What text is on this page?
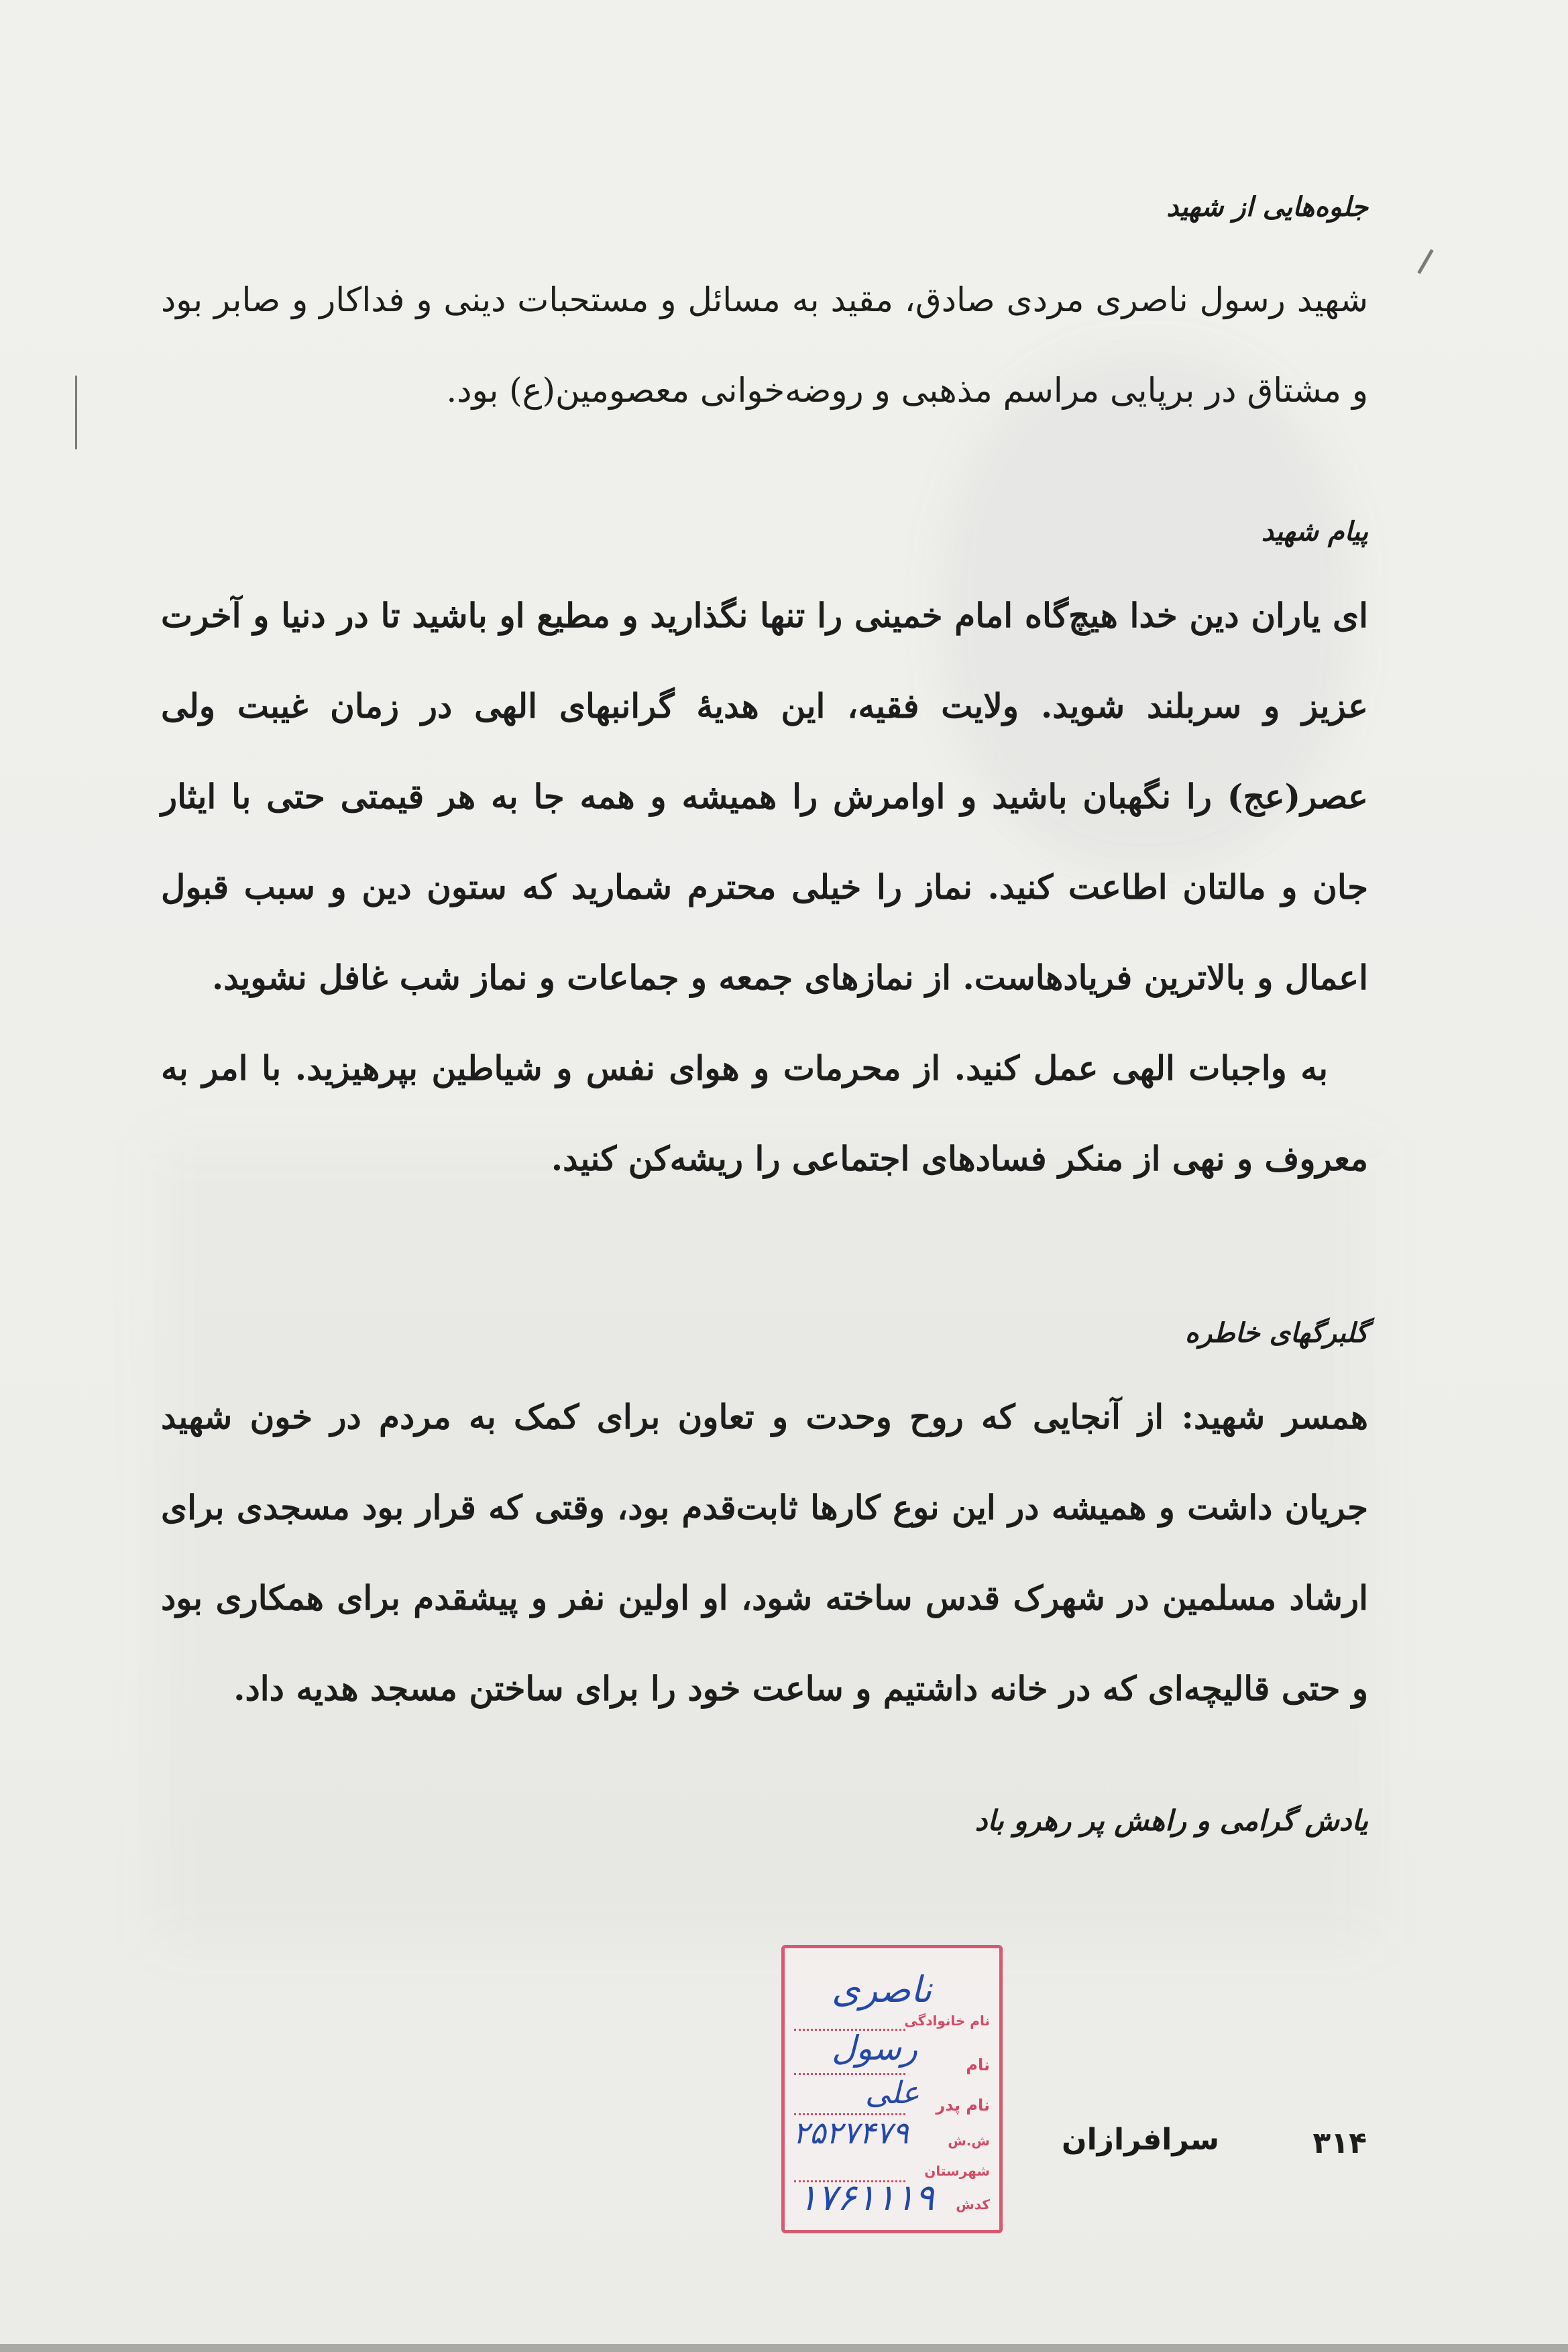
جلوه‌هایی از شهید

شهید رسول ناصری مردی صادق، مقید به مسائل و مستحبات دینی و فداکار و صابر بود و مشتاق در برپایی مراسم مذهبی و روضه‌خوانی معصومین(ع) بود.

پیام شهید

ای یاران دین خدا هیچ‌گاه امام خمینی را تنها نگذارید و مطیع او باشید تا در دنیا و آخرت عزیز و سربلند شوید. ولایت فقیه، این هدیهٔ گرانبهای الهی در زمان غیبت ولی عصر(عج) را نگهبان باشید و اوامرش را همیشه و همه جا به هر قیمتی حتی با ایثار جان و مالتان اطاعت کنید. نماز را خیلی محترم شمارید که ستون دین و سبب قبول اعمال و بالاترین فریادهاست. از نمازهای جمعه و جماعات و نماز شب غافل نشوید.

به واجبات الهی عمل کنید. از محرمات و هوای نفس و شیاطین بپرهیزید. با امر به معروف و نهی از منکر فسادهای اجتماعی را ریشه‌کن کنید.

گلبرگهای خاطره

همسر شهید: از آنجایی که روح وحدت و تعاون برای کمک به مردم در خون شهید جریان داشت و همیشه در این نوع کارها ثابت‌قدم بود، وقتی که قرار بود مسجدی برای ارشاد مسلمین در شهرک قدس ساخته شود، او اولین نفر و پیشقدم برای همکاری بود و حتی قالیچه‌ای که در خانه داشتیم و ساعت خود را برای ساختن مسجد هدیه داد.

یادش گرامی و راهش پر رهرو باد
سرافرازان	۳۱۴
نام خانوادگی
ناصری
نام
رسول
نام پدر
علی
ش.ش
۲۵۲۷۴۷۹
شهرستان
کدش
۱۷۶۱۱۱۹
